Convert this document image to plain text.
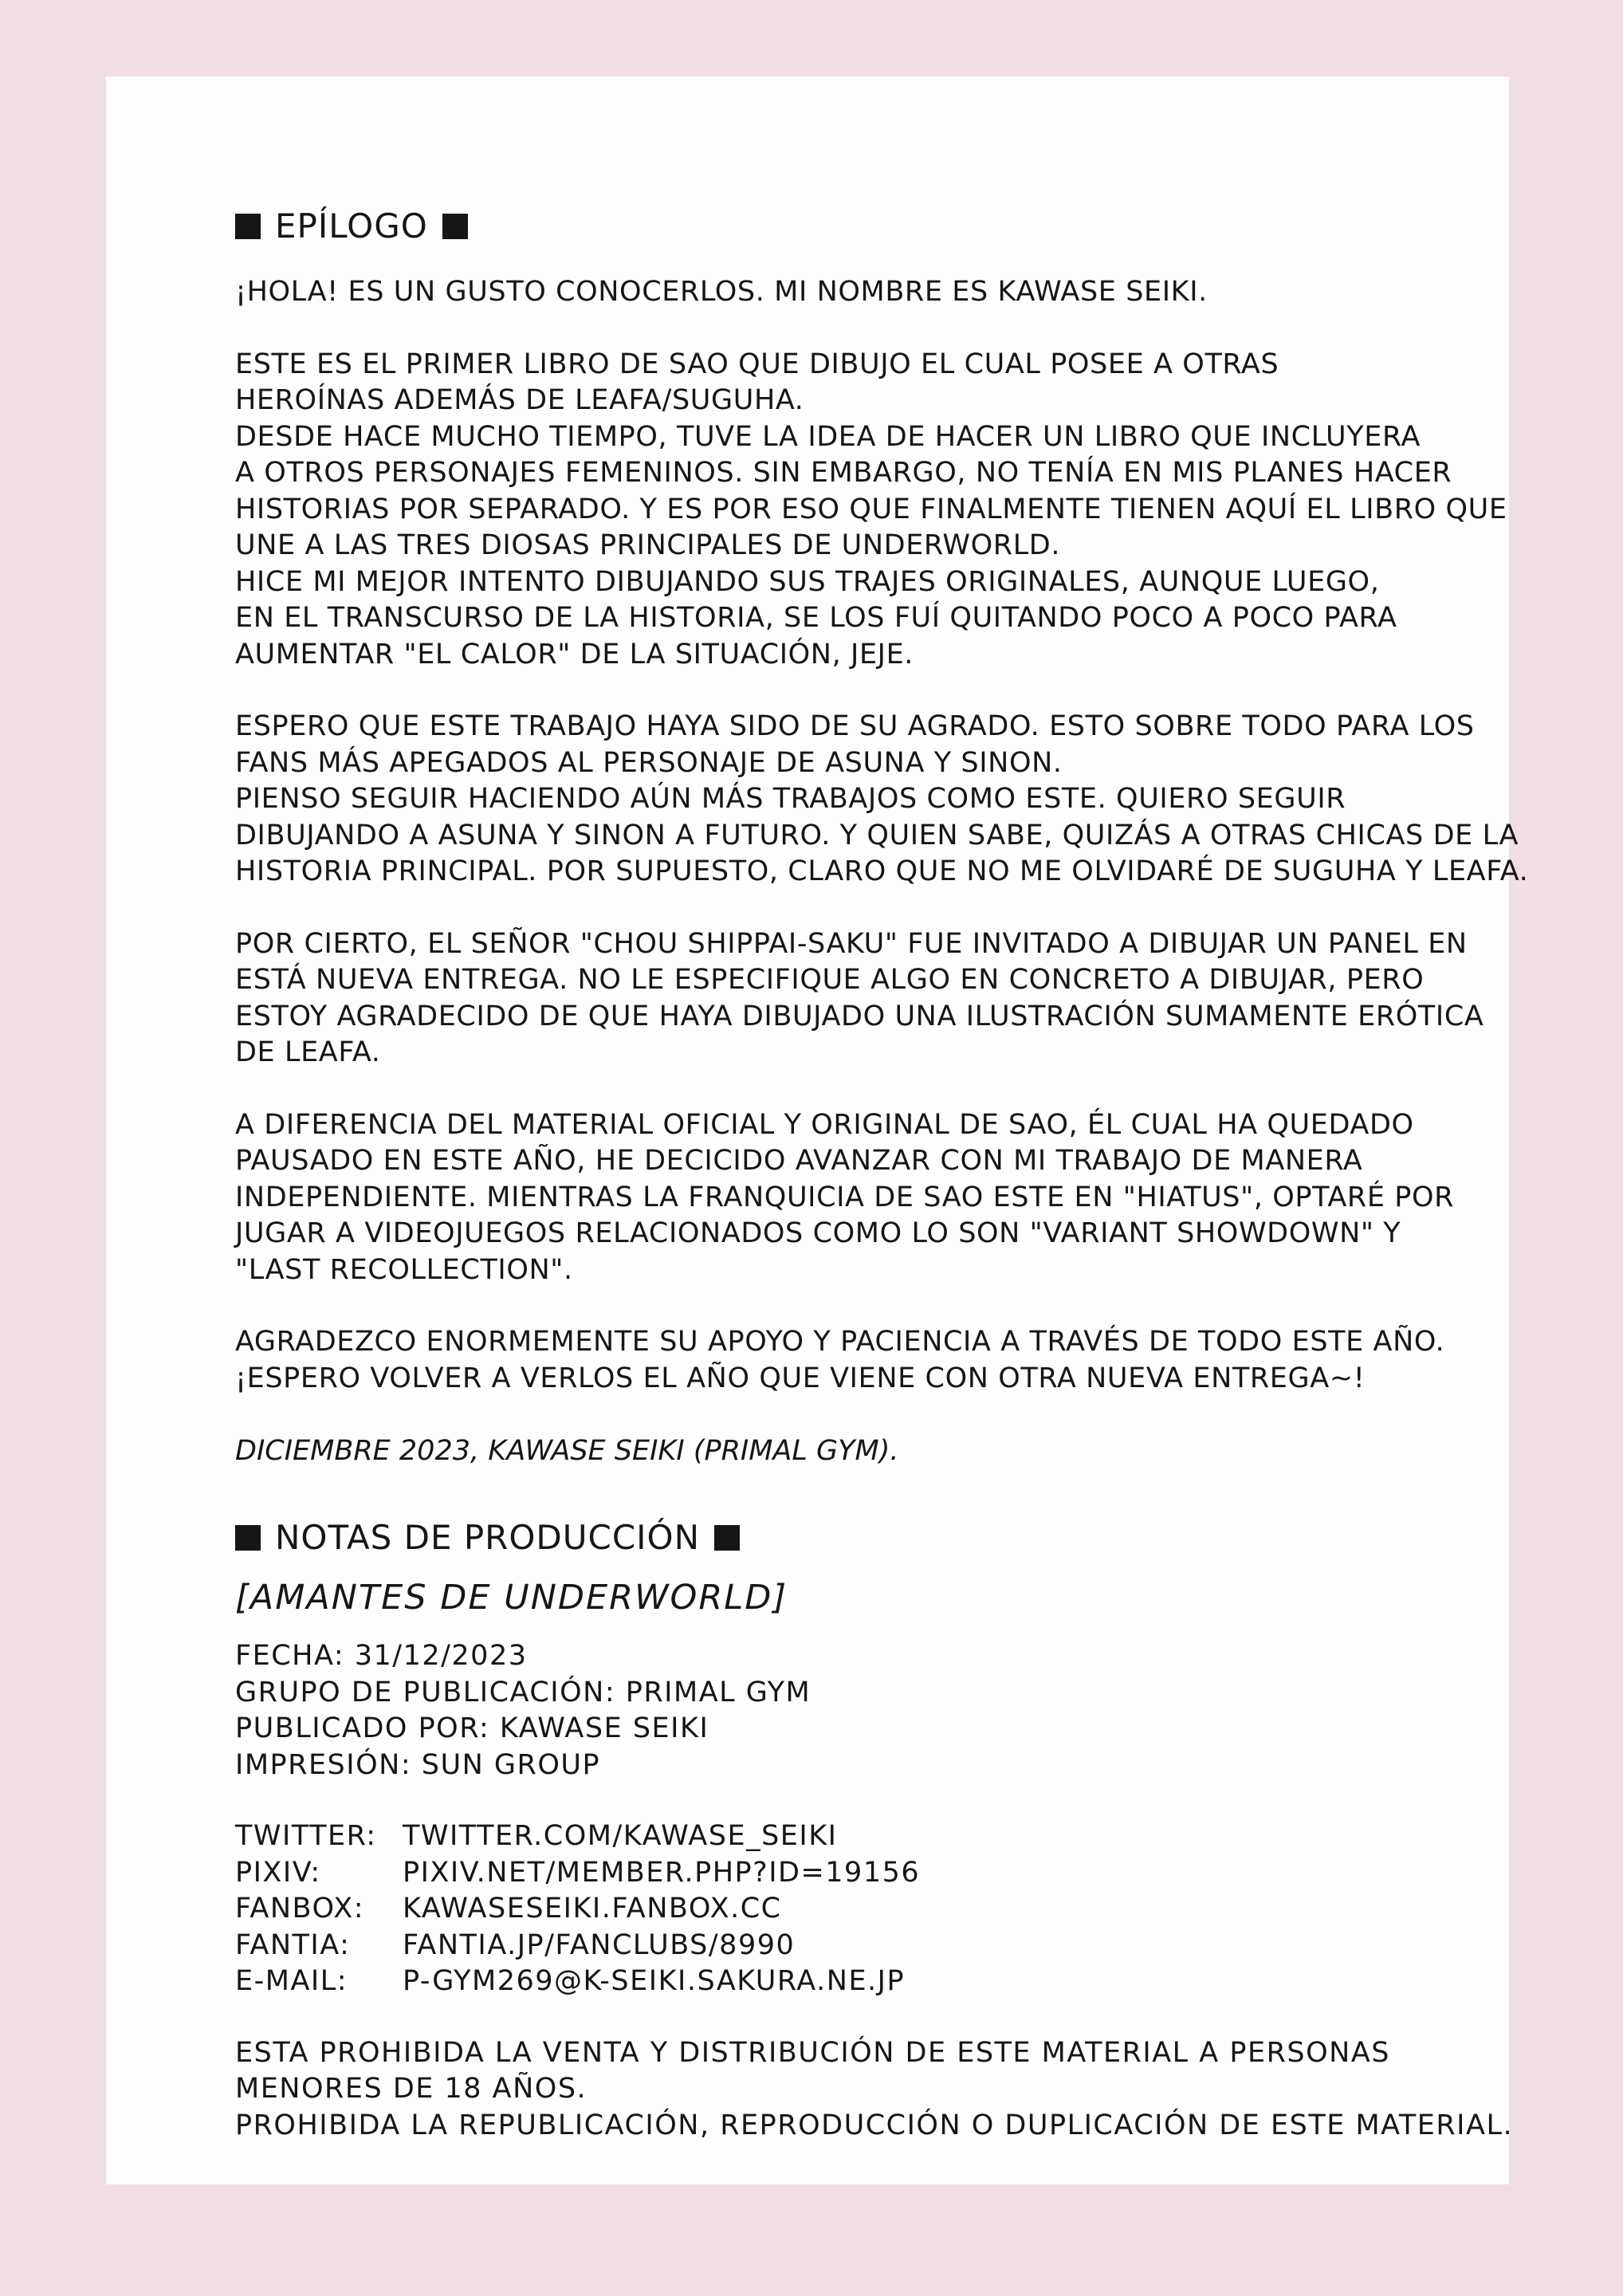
EPÍLOGO

¡HOLA! ES UN GUSTO CONOCERLOS. MI NOMBRE ES KAWASE SEIKI.

ESTE ES EL PRIMER LIBRO DE SAO QUE DIBUJO EL CUAL POSEE A OTRAS
HEROÍNAS ADEMÁS DE LEAFA/SUGUHA.
DESDE HACE MUCHO TIEMPO, TUVE LA IDEA DE HACER UN LIBRO QUE INCLUYERA
A OTROS PERSONAJES FEMENINOS. SIN EMBARGO, NO TENÍA EN MIS PLANES HACER
HISTORIAS POR SEPARADO. Y ES POR ESO QUE FINALMENTE TIENEN AQUÍ EL LIBRO QUE
UNE A LAS TRES DIOSAS PRINCIPALES DE UNDERWORLD.
HICE MI MEJOR INTENTO DIBUJANDO SUS TRAJES ORIGINALES, AUNQUE LUEGO,
EN EL TRANSCURSO DE LA HISTORIA, SE LOS FUÍ QUITANDO POCO A POCO PARA
AUMENTAR "EL CALOR" DE LA SITUACIÓN, JEJE.

ESPERO QUE ESTE TRABAJO HAYA SIDO DE SU AGRADO. ESTO SOBRE TODO PARA LOS
FANS MÁS APEGADOS AL PERSONAJE DE ASUNA Y SINON.
PIENSO SEGUIR HACIENDO AÚN MÁS TRABAJOS COMO ESTE. QUIERO SEGUIR
DIBUJANDO A ASUNA Y SINON A FUTURO. Y QUIEN SABE, QUIZÁS A OTRAS CHICAS DE LA
HISTORIA PRINCIPAL. POR SUPUESTO, CLARO QUE NO ME OLVIDARÉ DE SUGUHA Y LEAFA.

POR CIERTO, EL SEÑOR "CHOU SHIPPAI-SAKU" FUE INVITADO A DIBUJAR UN PANEL EN
ESTÁ NUEVA ENTREGA. NO LE ESPECIFIQUE ALGO EN CONCRETO A DIBUJAR, PERO
ESTOY AGRADECIDO DE QUE HAYA DIBUJADO UNA ILUSTRACIÓN SUMAMENTE ERÓTICA
DE LEAFA.

A DIFERENCIA DEL MATERIAL OFICIAL Y ORIGINAL DE SAO, ÉL CUAL HA QUEDADO
PAUSADO EN ESTE AÑO, HE DECICIDO AVANZAR CON MI TRABAJO DE MANERA
INDEPENDIENTE. MIENTRAS LA FRANQUICIA DE SAO ESTE EN "HIATUS", OPTARÉ POR
JUGAR A VIDEOJUEGOS RELACIONADOS COMO LO SON "VARIANT SHOWDOWN" Y
"LAST RECOLLECTION".

AGRADEZCO ENORMEMENTE SU APOYO Y PACIENCIA A TRAVÉS DE TODO ESTE AÑO.
¡ESPERO VOLVER A VERLOS EL AÑO QUE VIENE CON OTRA NUEVA ENTREGA~!

DICIEMBRE 2023, KAWASE SEIKI (PRIMAL GYM).
NOTAS DE PRODUCCIÓN
[AMANTES DE UNDERWORLD]
FECHA: 31/12/2023
GRUPO DE PUBLICACIÓN: PRIMAL GYM
PUBLICADO POR: KAWASE SEIKI
IMPRESIÓN: SUN GROUP
TWITTER: TWITTER.COM/KAWASE_SEIKI
PIXIV:	PIXIV.NET/MEMBER.PHP?ID=19156
FANBOX:	KAWASESEIKI.FANBOX.CC
FANTIA:	FANTIA.JP/FANCLUBS/8990
E-MAIL:	P-GYM269@K-SEIKI.SAKURA.NE.JP
ESTA PROHIBIDA LA VENTA Y DISTRIBUCIÓN DE ESTE MATERIAL A PERSONAS
MENORES DE 18 AÑOS.
PROHIBIDA LA REPUBLICACIÓN, REPRODUCCIÓN O DUPLICACIÓN DE ESTE MATERIAL.
